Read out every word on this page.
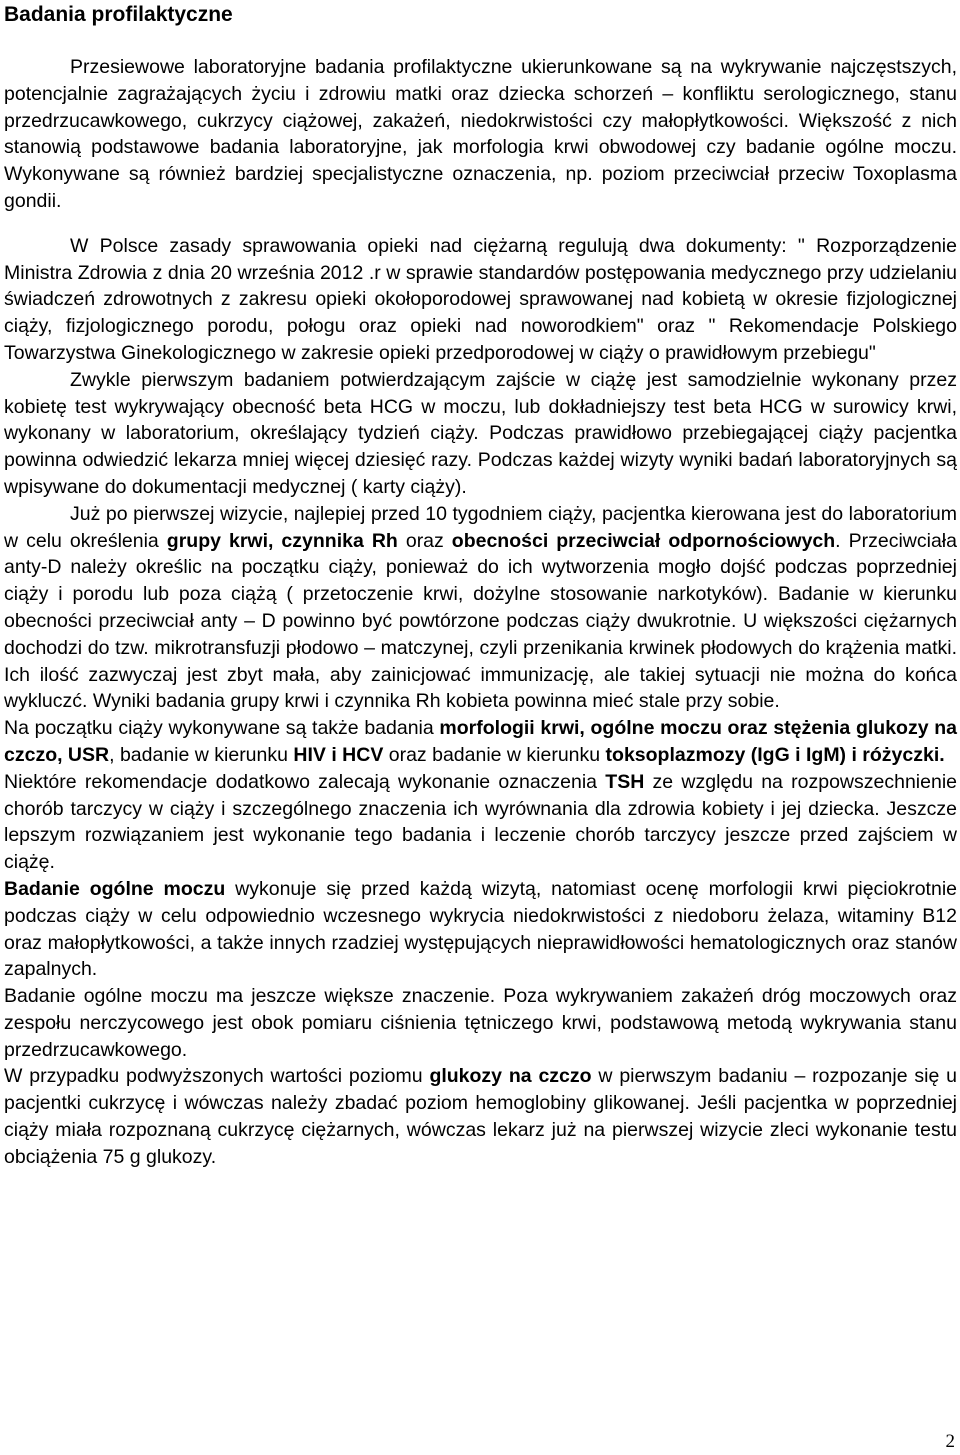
Badania profilaktyczne

Przesiewowe laboratoryjne badania profilaktyczne ukierunkowane są na wykrywanie najczęstszych, potencjalnie zagrażających życiu i zdrowiu matki oraz dziecka schorzeń – konfliktu serologicznego, stanu przedrzucawkowego, cukrzycy ciążowej, zakażeń, niedokrwistości czy małopłytkowości. Większość z nich stanowią podstawowe badania laboratoryjne, jak morfologia krwi obwodowej czy badanie ogólne moczu. Wykonywane są również bardziej specjalistyczne oznaczenia, np. poziom przeciwciał przeciw Toxoplasma gondii.

W Polsce zasady sprawowania opieki nad ciężarną regulują dwa dokumenty: " Rozporządzenie Ministra Zdrowia z dnia 20 września 2012 .r w sprawie standardów postępowania medycznego przy udzielaniu świadczeń zdrowotnych z zakresu opieki okołoporodowej sprawowanej nad kobietą w okresie fizjologicznej ciąży, fizjologicznego porodu, połogu oraz opieki nad noworodkiem" oraz " Rekomendacje Polskiego Towarzystwa Ginekologicznego w zakresie opieki przedporodowej w ciąży o prawidłowym przebiegu"

Zwykle pierwszym badaniem potwierdzającym zajście w ciążę jest samodzielnie wykonany przez kobietę test wykrywający obecność beta HCG w moczu, lub dokładniejszy test beta HCG w surowicy krwi, wykonany w laboratorium, określający tydzień ciąży. Podczas prawidłowo przebiegającej ciąży pacjentka powinna odwiedzić lekarza mniej więcej dziesięć razy. Podczas każdej wizyty wyniki badań laboratoryjnych są wpisywane do dokumentacji medycznej ( karty ciąży).

Już po pierwszej wizycie, najlepiej przed 10 tygodniem ciąży, pacjentka kierowana jest do laboratorium w celu określenia grupy krwi, czynnika Rh oraz obecności przeciwciał odpornościowych. Przeciwciała anty-D należy określic na początku ciąży, ponieważ do ich wytworzenia mogło dojść podczas poprzedniej ciąży i porodu lub poza ciążą ( przetoczenie krwi, dożylne stosowanie narkotyków). Badanie w kierunku obecności przeciwciał anty – D powinno być powtórzone podczas ciąży dwukrotnie. U większości ciężarnych dochodzi do tzw. mikrotransfuzji płodowo – matczynej, czyli przenikania krwinek płodowych do krążenia matki. Ich ilość zazwyczaj jest zbyt mała, aby zainicjować immunizację, ale takiej sytuacji nie można do końca wykluczć. Wyniki badania grupy krwi i czynnika Rh kobieta powinna mieć stale przy sobie.

Na początku ciąży wykonywane są także badania morfologii krwi, ogólne moczu oraz stężenia glukozy na czczo, USR, badanie w kierunku HIV i HCV oraz badanie w kierunku toksoplazmozy (IgG i IgM) i różyczki.

Niektóre rekomendacje dodatkowo zalecają wykonanie oznaczenia TSH ze względu na rozpowszechnienie chorób tarczycy w ciąży i szczególnego znaczenia ich wyrównania dla zdrowia kobiety i jej dziecka. Jeszcze lepszym rozwiązaniem jest wykonanie tego badania i leczenie chorób tarczycy jeszcze przed zajściem w ciążę.

Badanie ogólne moczu wykonuje się przed każdą wizytą, natomiast ocenę morfologii krwi pięciokrotnie podczas ciąży w celu odpowiednio wczesnego wykrycia niedokrwistości z niedoboru żelaza, witaminy B12 oraz małopłytkowości, a także innych rzadziej występujących nieprawidłowości hematologicznych oraz stanów zapalnych.

Badanie ogólne moczu ma jeszcze większe znaczenie. Poza wykrywaniem zakażeń dróg moczowych oraz zespołu nerczycowego jest obok pomiaru ciśnienia tętniczego krwi, podstawową metodą wykrywania stanu przedrzucawkowego.

W przypadku podwyższonych wartości poziomu glukozy na czczo w pierwszym badaniu – rozpozanje się u pacjentki cukrzycę i wówczas należy zbadać poziom hemoglobiny glikowanej. Jeśli pacjentka w poprzedniej ciąży miała rozpoznaną cukrzycę ciężarnych, wówczas lekarz już na pierwszej wizycie zleci wykonanie testu obciążenia 75 g glukozy.

2
